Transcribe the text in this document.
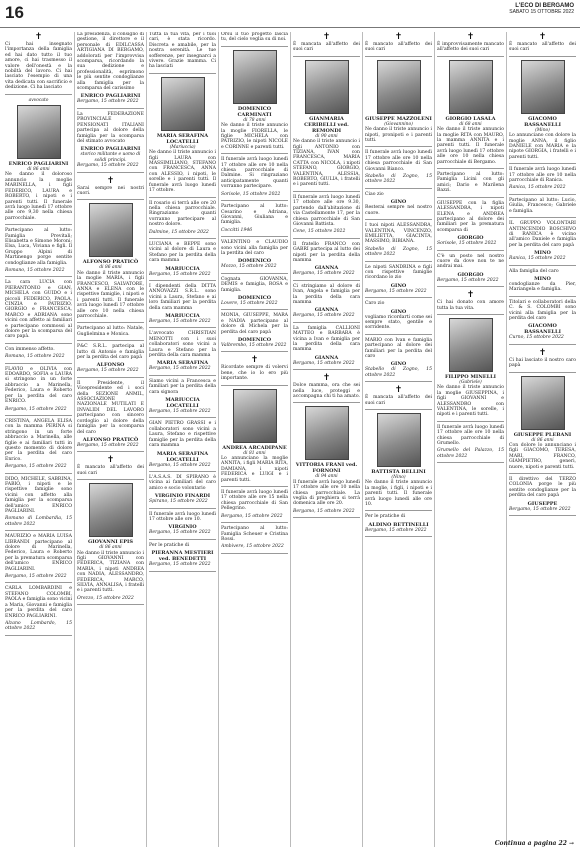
16	L'ECO DI BERGAMO
SABATO 15 OTTOBRE 2022
✝

Ci hai insegnato l'importanza della famiglia ed hai dato tutto il tuo amore, ci hai trasmesso il valore dell'onestà e la nobiltà del lavoro. Ci hai lasciato l'esempio di una vita dedicata con sacrificio e dedizione. Ci ha lasciato

avvocato
ENRICO PAGLIARINI
di 86 anni

Ne danno il doloroso annuncio la moglie MARINELLA, i figli FEDERICO, LAURA e ROBERTO, i nipoti e i parenti tutti. Il funerale avrà luogo lunedì 17 ottobre alle ore 9,30 nella chiesa parrocchiale.

Partecipano al lutto: Famiglia Previtali; Elisabetta e Simone Moroni; Elsa, Luca, Viviana e figli. Il Gruppo Alpini di Martinengo porge sentite condoglianze alla famiglia.

Romano, 15 ottobre 2022

La cara LUCIA con PIERANTONIO e GIAN, MICHELA con GUIDO e i piccoli FEDERICO, PAOLA, CINZIA e PATRIZIO, GIORGIO e FRANCESCA, MARCO e ADRIANA sono vicini con affetto ai familiari e partecipano commossi al dolore per la scomparsa del caro papà.

Con immenso affetto.

Romano, 15 ottobre 2022

FLAVIO e OLIVIA con EDOARDO, SOFIA e LAURA si stringono in un forte abbraccio a Marinella, Federico, Laura e Roberto per la perdita del caro ENRICO.

Bergamo, 15 ottobre 2022

CRISTINA, ANGELA ELISA con la mamma PERINA si stringono in un forte abbraccio a Marinella, alle figlie e ai familiari tutti in questo momento di dolore per la perdita del caro Enrico.

Bergamo, 15 ottobre 2022

DIDO, MICHELE, SABRINA, FABIO, i nipoti e le rispettive famiglie sono vicini con affetto alla famiglia per la scomparsa dell'amico ENRICO PAGLIARINI.

Romano di Lombardia, 15 ottobre 2022

MAURIZIO e MARIA LUISA LIBRANDI partecipano al dolore di Marinella, Federico, Laura e Roberto per la prematura scomparsa dell'amico ENRICO PAGLIARINI.

Bergamo, 15 ottobre 2022

CARLA LOMBARDINI e STEFANO COLOMBI, PAOLA e famiglia sono vicini a Maria, Giovanni e famiglia per la perdita del caro ENRICO PAGLIARINI.

Alzano Lombardo, 15 ottobre 2022

La presidenza, il consiglio di gestione, il direttore e il personale di EDILCASSA ARTIGIANA DI BERGAMO, addolorati per l'improvvisa scomparsa, ricordando la sua dedizione e professionalità, esprimono le più sentite condoglianze alla famiglia per la scomparsa del carissimo

ENRICO PAGLIARINI

Bergamo, 15 ottobre 2022

La FEDERAZIONE PROVINCIALE PENSIONATI ITALIANI partecipa al dolore della famiglia per la scomparsa del stimato avvocato

ENRICO PAGLIARINI
storico militante e uomo di solidi principi.

Bergamo, 15 ottobre 2022

✝

Sarai sempre nei nostri cuori.

ALFONSO PRATICÒ
di 86 anni

Ne danno il triste annuncio la moglie MARIA, i figli FRANCESCO, SALVATORE, ANNA e ELENA con le rispettive famiglie, i nipoti e i parenti tutti. Il funerale avrà luogo lunedì 17 ottobre alle ore 10 nella chiesa parrocchiale.

Partecipano al lutto: Natale, Guglielmina e Monica.

P&C S.R.L. partecipa al lutto di Antonio e famiglia per la perdita del caro papà

ALFONSO

Bergamo, 15 ottobre 2022

Il Presidente, il Vicepresidente ed i soci della SEZIONE ANMIL, ASSOCIAZIONE NAZIONALE MUTILATI E INVALIDI DEL LAVORO partecipano con sincero cordoglio al dolore della famiglia per la scomparsa del caro

ALFONSO PRATICÒ

Bergamo, 15 ottobre 2022

✝

È mancato all'affetto dei suoi cari

GIOVANNI EPIS
di 86 anni

Ne danno il triste annuncio i figli GIOVANNI con FEDERICA, TIZIANA con MARIA, i nipoti ANDREA con NADIA, ALESSANDRO, FEDERICA, MARCO, SILVIA, ANNALISA, i fratelli e i parenti tutti.

Orezzo, 15 ottobre 2022

Tutta la tua vita, per i tuoi cari, è stata ricordo. Discreta e amabile, per la nostra serenità. Le tue sofferenze, per insegnarci a vivere. Grazie mamma. Ci ha lasciati

MARIA SERAFINA LOCATELLI
(Mariuccia)

Ne danno il triste annuncio i figli LAURA con MASSIMILIANO, STEFANO con FRANCESCA, ANNA con ALESSIO, i nipoti, le sorelle e i parenti tutti. Il funerale avrà luogo lunedì 17 ottobre.

Il rosario si terrà alle ore 20 nella chiesa parrocchiale. Ringraziamo quanti vorranno partecipare al nostro dolore.

Dalmine, 15 ottobre 2022

LUCIANA e BEPPE sono vicini al dolore di Laura e Stefano per la perdita della cara mamma

MARIUCCIA

Bergamo, 15 ottobre 2022

I dipendenti della DITTA ANNOVAZZI S.R.L. sono vicini a Laura, Stefano e ai loro familiari per la perdita della cara mamma

MARIUCCIA

Bergamo, 15 ottobre 2022

L'avvocato CHRISTIAN MENOTTI con i suoi collaboratori sono vicini a Laura e Stefano per la perdita della cara mamma

MARIA SERAFINA

Bergamo, 15 ottobre 2022

Siamo vicini a Francesca e familiari per la perdita della cara signora

MARIUCCIA LOCATELLI

Bergamo, 15 ottobre 2022

GIAN PIETRO GRASSI e i collaboratori sono vicini a Laura, Stefano e rispettive famiglie per la perdita della cara mamma

MARIA SERAFINA LOCATELLI

Bergamo, 15 ottobre 2022

L'A.S.A.S. DI SPIRANO è vicina ai familiari del caro amico e socio volontario

VIRGINIO FINARDI

Spirano, 15 ottobre 2022

Il funerale avrà luogo lunedì 17 ottobre alle ore 10.

VIRGINIO

Bergamo, 15 ottobre 2022

Per le pratiche di

PIERANNA MESTIERI ved. BENEDETTI

Bergamo, 15 ottobre 2022

Orsù il tuo progetto lascia tu, del cielo veglia su di noi.

DOMENICO CARMINATI
di 78 anni

Ne danno il triste annuncio la moglie FIORELLA, le figlie MICHELA con PATRIZIO, le nipoti NICOLE e CORINNE e parenti tutti.

Il funerale avrà luogo lunedì 17 ottobre alle ore 10 nella chiesa parrocchiale di Dalmine. Si ringraziano anticipatamente quanti vorranno partecipare.

Sorisole, 15 ottobre 2022

Partecipano al lutto: Cesarino e Adriana, Giovanni, Giuliana e famiglia.

Coccitti 1946

VALENTINO e CLAUDIO sono vicini alla famiglia per la perdita del caro

DOMENICO

Mozzo, 15 ottobre 2022

Cognata GIOVANNA, DEMIS e famiglia, ROSA e famiglia.

DOMENICO

Lovere, 15 ottobre 2022

MONIA, GIUSEPPE, MARA e NADIA partecipano al dolore di Michela per la perdita del caro papà

DOMENICO

Valbrembo, 15 ottobre 2022

✝

Ricordate sempre di volervi bene, che io lo ero più importante.

ANDREA ARCADIPANE
di 81 anni

Lo annunciano la moglie ANNITA, i figli MARIA RITA, DAMIANA, i nipoti FEDERICA e LUIGI e i parenti tutti.

Il funerale avrà luogo lunedì 17 ottobre alle ore 15 nella chiesa parrocchiale di San Pellegrino.

Bergamo, 15 ottobre 2022

Partecipano al lutto: Famiglia Scheuer e Cristina Rossi.

Ambivere, 15 ottobre 2022

✝

È mancata all'affetto dei suoi cari

GIANMARIA CERIBELLI ved. REMONDI
di 90 anni

Ne danno il triste annuncio i figli ANTONIO con TIZIANA, IVAN con FRANCESCA, MARIA CATTA con NICOLA, i nipoti STEFANO, GIORGIO, VALENTINA, ALESSIA, ROBERTO, GIULIA, i fratelli e i parenti tutti.

Il funerale avrà luogo lunedì 17 ottobre alle ore 9.30, partendo dall'abitazione di via Castellamonte 17, per la chiesa parrocchiale di San Giovanni Battista.

Cene, 15 ottobre 2022

Il fratello FRANCO con GABRI partecipa al lutto dei nipoti per la perdita della mamma

GIANNA

Bergamo, 15 ottobre 2022

Ci stringiamo al dolore di Ivan, Angela e famiglia per la perdita della cara mamma

GIANNA

Bergamo, 15 ottobre 2022

La famiglia CALLIONI MATTEO e BARBARA è vicina a Ivan e famiglia per la perdita della cara mamma

GIANNA

Bergamo, 15 ottobre 2022

✝

Dolce mamma, ora che sei nella luce, proteggi e accompagna chi ti ha amato.

VITTORIA FRANI ved. FORNONI
di 94 anni

Il funerale avrà luogo lunedì 17 ottobre alle ore 10 nella chiesa parrocchiale. La veglia di preghiera si terrà domenica alle ore 20.

Bergamo, 15 ottobre 2022

✝

È mancato all'affetto dei suoi cari

GIUSEPPE MAZZOLENI
(Giovannino)

Ne danno il triste annuncio i nipoti, pronipoti e i parenti tutti.

Il funerale avrà luogo lunedì 17 ottobre alle ore 10 nella chiesa parrocchiale di San Giovanni Bianco.

Stabello di Zogno, 15 ottobre 2022

Ciao zio

GINO

Resterai sempre nel nostro cuore.

I tuoi nipoti ALESSANDRA, VALENTINA, VINCENZO, EMILIETTA, GIACINTA, MASSIMO, BIBIANA.

Stabello di Zogno, 15 ottobre 2022

Le nipoti SANDRINA e figli con rispettive famiglie ricordano lo zio

GINO

Bergamo, 15 ottobre 2022

Caro zio

GINO

vogliamo ricordarti come sei sempre stato, gentile e sorridente.

MARIO con Ivan e famiglia partecipano al dolore dei familiari per la perdita del caro

GINO

Stabello di Zogno, 15 ottobre 2022

✝

È mancata all'affetto dei suoi cari

BATTISTA BELLINI
(Nino)

Ne danno il triste annuncio la moglie, i figli, i nipoti e i parenti tutti. Il funerale avrà luogo lunedì alle ore 10.

Per le pratiche di

ALDINO BETTINELLI

Bergamo, 15 ottobre 2022

✝

È improvvisamente mancato all'affetto dei suoi cari

GIORGIO LASALA
di 68 anni

Ne danno il triste annuncio la moglie RITA con MAURO, la mamma ANNITA e i parenti tutti. Il funerale avrà luogo lunedì 17 ottobre alle ore 10 nella chiesa parrocchiale di Bergamo.

Partecipano al lutto: Famiglia Licini con gli amici; Dario e Marilena Bazzi.

GIUSEPPE con la figlia ALESSANDRA, i nipoti ELENA e ANDREA partecipano al dolore dei familiari per la prematura scomparsa di

GIORGIO

Sorisole, 15 ottobre 2022

C'è un posto nel nostro cuore da dove non te ne andrai mai.

GIORGIO

Bergamo, 15 ottobre 2022

✝

Ci hai donato con amore tutta la tua vita.

FILIPPO MINELLI
(Gabriele)

Ne danno il triste annuncio la moglie GIUSEPPINA, i figli GIOVANNI e ALESSANDRO con VALENTINA, le sorelle, i nipoti e i parenti tutti.

Il funerale avrà luogo lunedì 17 ottobre alle ore 10 nella chiesa parrocchiale di Grumello.

Grumello del Palazzo, 15 ottobre 2022

✝

È mancato all'affetto dei suoi cari

GIACOMO BASSANELLI
(Mino)

Lo annunciano con dolore la moglie ANNA, il figlio DANIELE con MARIA e la nipote GIORGIA, i fratelli e i parenti tutti.

Il funerale avrà luogo lunedì 17 ottobre alle ore 10 nella parrocchiale di Ranica.

Ranica, 15 ottobre 2022

Partecipano al lutto: Lucio, Giulia, Francesco; Gabriele e famiglia.

IL GRUPPO VOLONTARI ANTINCENDIO BOSCHIVO di RANICA è vicino all'amico Daniele e famiglia per la perdita del caro papà

MINO

Ranica, 15 ottobre 2022

Alla famiglia del caro

MINO

condoglianze da Pier, Mariangela e famiglia.

Titolari e collaboratori della C. & S. COLOMBI sono vicini alla famiglia per la perdita del caro

GIACOMO BASSANELLI

Curno, 15 ottobre 2022

✝

Ci hai lasciato il nostro caro papà

GIUSEPPE PLEBANI
di 86 anni

Con dolore lo annunciano i figli GIACOMO, TERESA, MARI, FRANCO, GIAMPIETRO, generi, nuore, nipoti e parenti tutti.

Il direttivo del TERZO COLONIA porge le più sentite condoglianze per la perdita del caro papà

GIUSEPPE

Bergamo, 15 ottobre 2022

Continua a pagina 22 →
